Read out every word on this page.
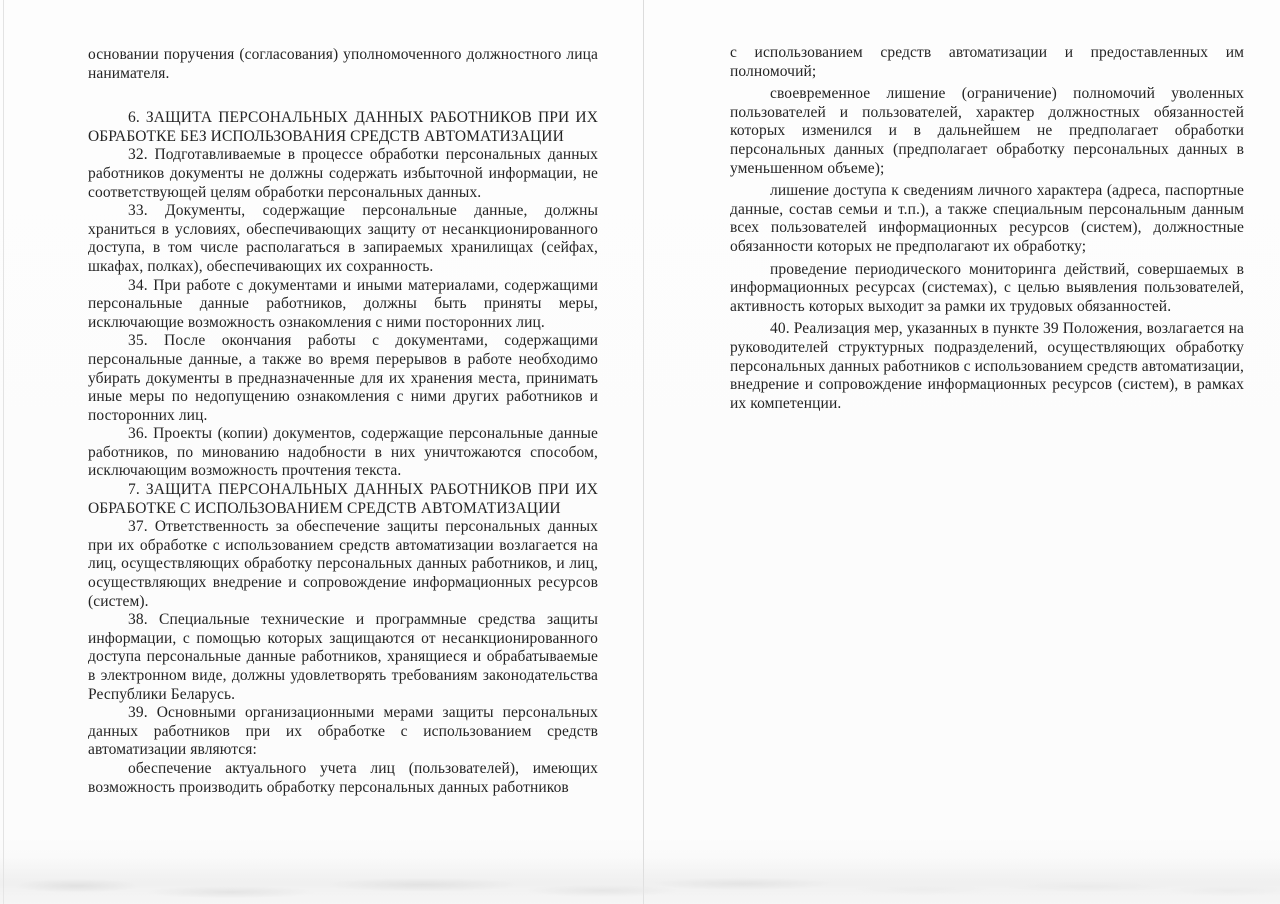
основании поручения (согласования) уполномоченного должностного лица нанимателя.

6. ЗАЩИТА ПЕРСОНАЛЬНЫХ ДАННЫХ РАБОТНИКОВ ПРИ ИХ ОБРАБОТКЕ БЕЗ ИСПОЛЬЗОВАНИЯ СРЕДСТВ АВТОМАТИЗАЦИИ

32. Подготавливаемые в процессе обработки персональных данных работников документы не должны содержать избыточной информации, не соответствующей целям обработки персональных данных.

33. Документы, содержащие персональные данные, должны храниться в условиях, обеспечивающих защиту от несанкционированного доступа, в том числе располагаться в запираемых хранилищах (сейфах, шкафах, полках), обеспечивающих их сохранность.

34. При работе с документами и иными материалами, содержащими персональные данные работников, должны быть приняты меры, исключающие возможность ознакомления с ними посторонних лиц.

35. После окончания работы с документами, содержащими персональные данные, а также во время перерывов в работе необходимо убирать документы в предназначенные для их хранения места, принимать иные меры по недопущению ознакомления с ними других работников и посторонних лиц.

36. Проекты (копии) документов, содержащие персональные данные работников, по минованию надобности в них уничтожаются способом, исключающим возможность прочтения текста.

7. ЗАЩИТА ПЕРСОНАЛЬНЫХ ДАННЫХ РАБОТНИКОВ ПРИ ИХ ОБРАБОТКЕ С ИСПОЛЬЗОВАНИЕМ СРЕДСТВ АВТОМАТИЗАЦИИ

37. Ответственность за обеспечение защиты персональных данных при их обработке с использованием средств автоматизации возлагается на лиц, осуществляющих обработку персональных данных работников, и лиц, осуществляющих внедрение и сопровождение информационных ресурсов (систем).

38. Специальные технические и программные средства защиты информации, с помощью которых защищаются от несанкционированного доступа персональные данные работников, хранящиеся и обрабатываемые в электронном виде, должны удовлетворять требованиям законодательства Республики Беларусь.

39. Основными организационными мерами защиты персональных данных работников при их обработке с использованием средств автоматизации являются:

обеспечение актуального учета лиц (пользователей), имеющих возможность производить обработку персональных данных работников

с использованием средств автоматизации и предоставленных им полномочий;

своевременное лишение (ограничение) полномочий уволенных пользователей и пользователей, характер должностных обязанностей которых изменился и в дальнейшем не предполагает обработки персональных данных (предполагает обработку персональных данных в уменьшенном объеме);

лишение доступа к сведениям личного характера (адреса, паспортные данные, состав семьи и т.п.), а также специальным персональным данным всех пользователей информационных ресурсов (систем), должностные обязанности которых не предполагают их обработку;

проведение периодического мониторинга действий, совершаемых в информационных ресурсах (системах), с целью выявления пользователей, активность которых выходит за рамки их трудовых обязанностей.

40. Реализация мер, указанных в пункте 39 Положения, возлагается на руководителей структурных подразделений, осуществляющих обработку персональных данных работников с использованием средств автоматизации, внедрение и сопровождение информационных ресурсов (систем), в рамках их компетенции.
